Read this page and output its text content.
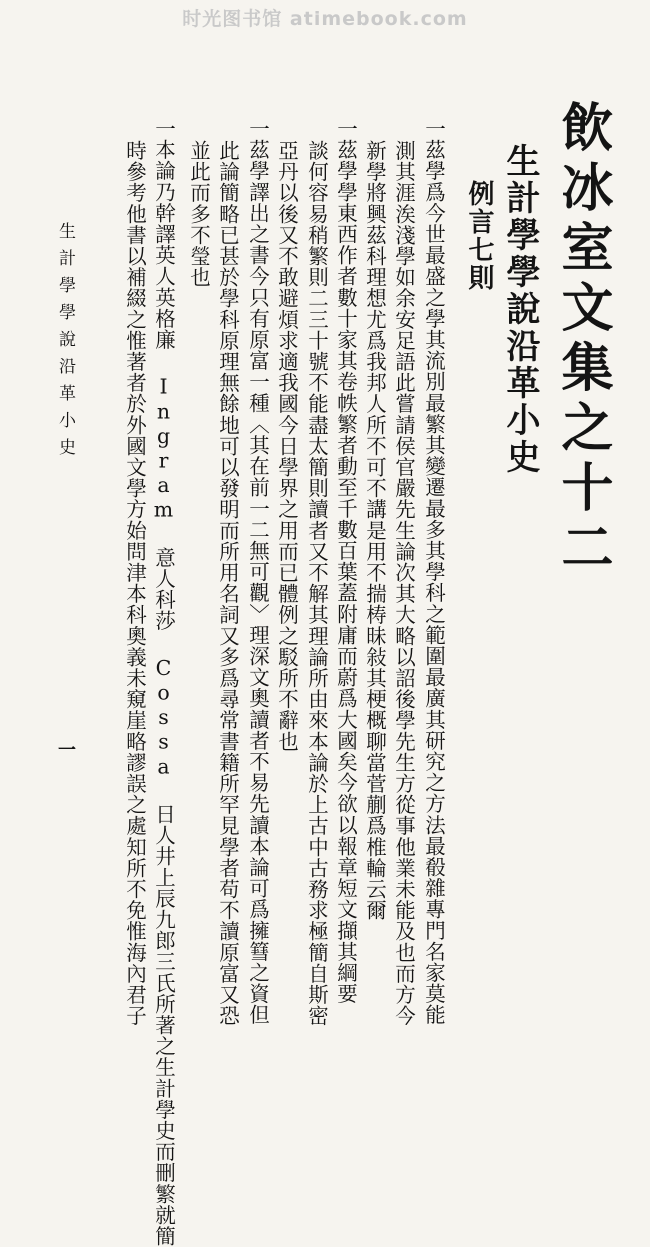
时光图书馆 atimebook.com
飲冰室文集之十二
生計學學說沿革小史
例言七則
一茲學爲今世最盛之學其流別最繁其變遷最多其學科之範圍最廣其研究之方法最殽雜專門名家莫能
測其涯涘淺學如余安足語此嘗請侯官嚴先生論次其大略以詔後學先生方從事他業未能及也而方今
新學將興茲科理想尤爲我邦人所不可不講是用不揣梼昧敍其梗概聊當菅蒯爲椎輪云爾
一茲學學東西作者數十家其卷帙繁者動至千數百葉蓋附庸而蔚爲大國矣今欲以報章短文擷其綱要
談何容易稍繁則二三十號不能盡太簡則讀者又不解其理論所由來本論於上古中古務求極簡自斯密
亞丹以後又不敢避煩求適我國今日學界之用而已體例之駁所不辭也
一茲學譯出之書今只有原富一種〈其在前一二無可觀〉理深文奧讀者不易先讀本論可爲擁篲之資但
此論簡略已甚於學科原理無餘地可以發明而所用名詞又多爲尋常書籍所罕見學者苟不讀原富又恐
並此而多不瑩也
一本論乃幹譯英人英格廉 Ingram 意人科莎 Cossa 日人井上辰九郎三氏所著之生計學史而刪繁就簡
時參考他書以補綴之惟著者於外國文學方始問津本科奧義未窺崖略謬誤之處知所不免惟海內君子
生計學學說沿革小史
一
